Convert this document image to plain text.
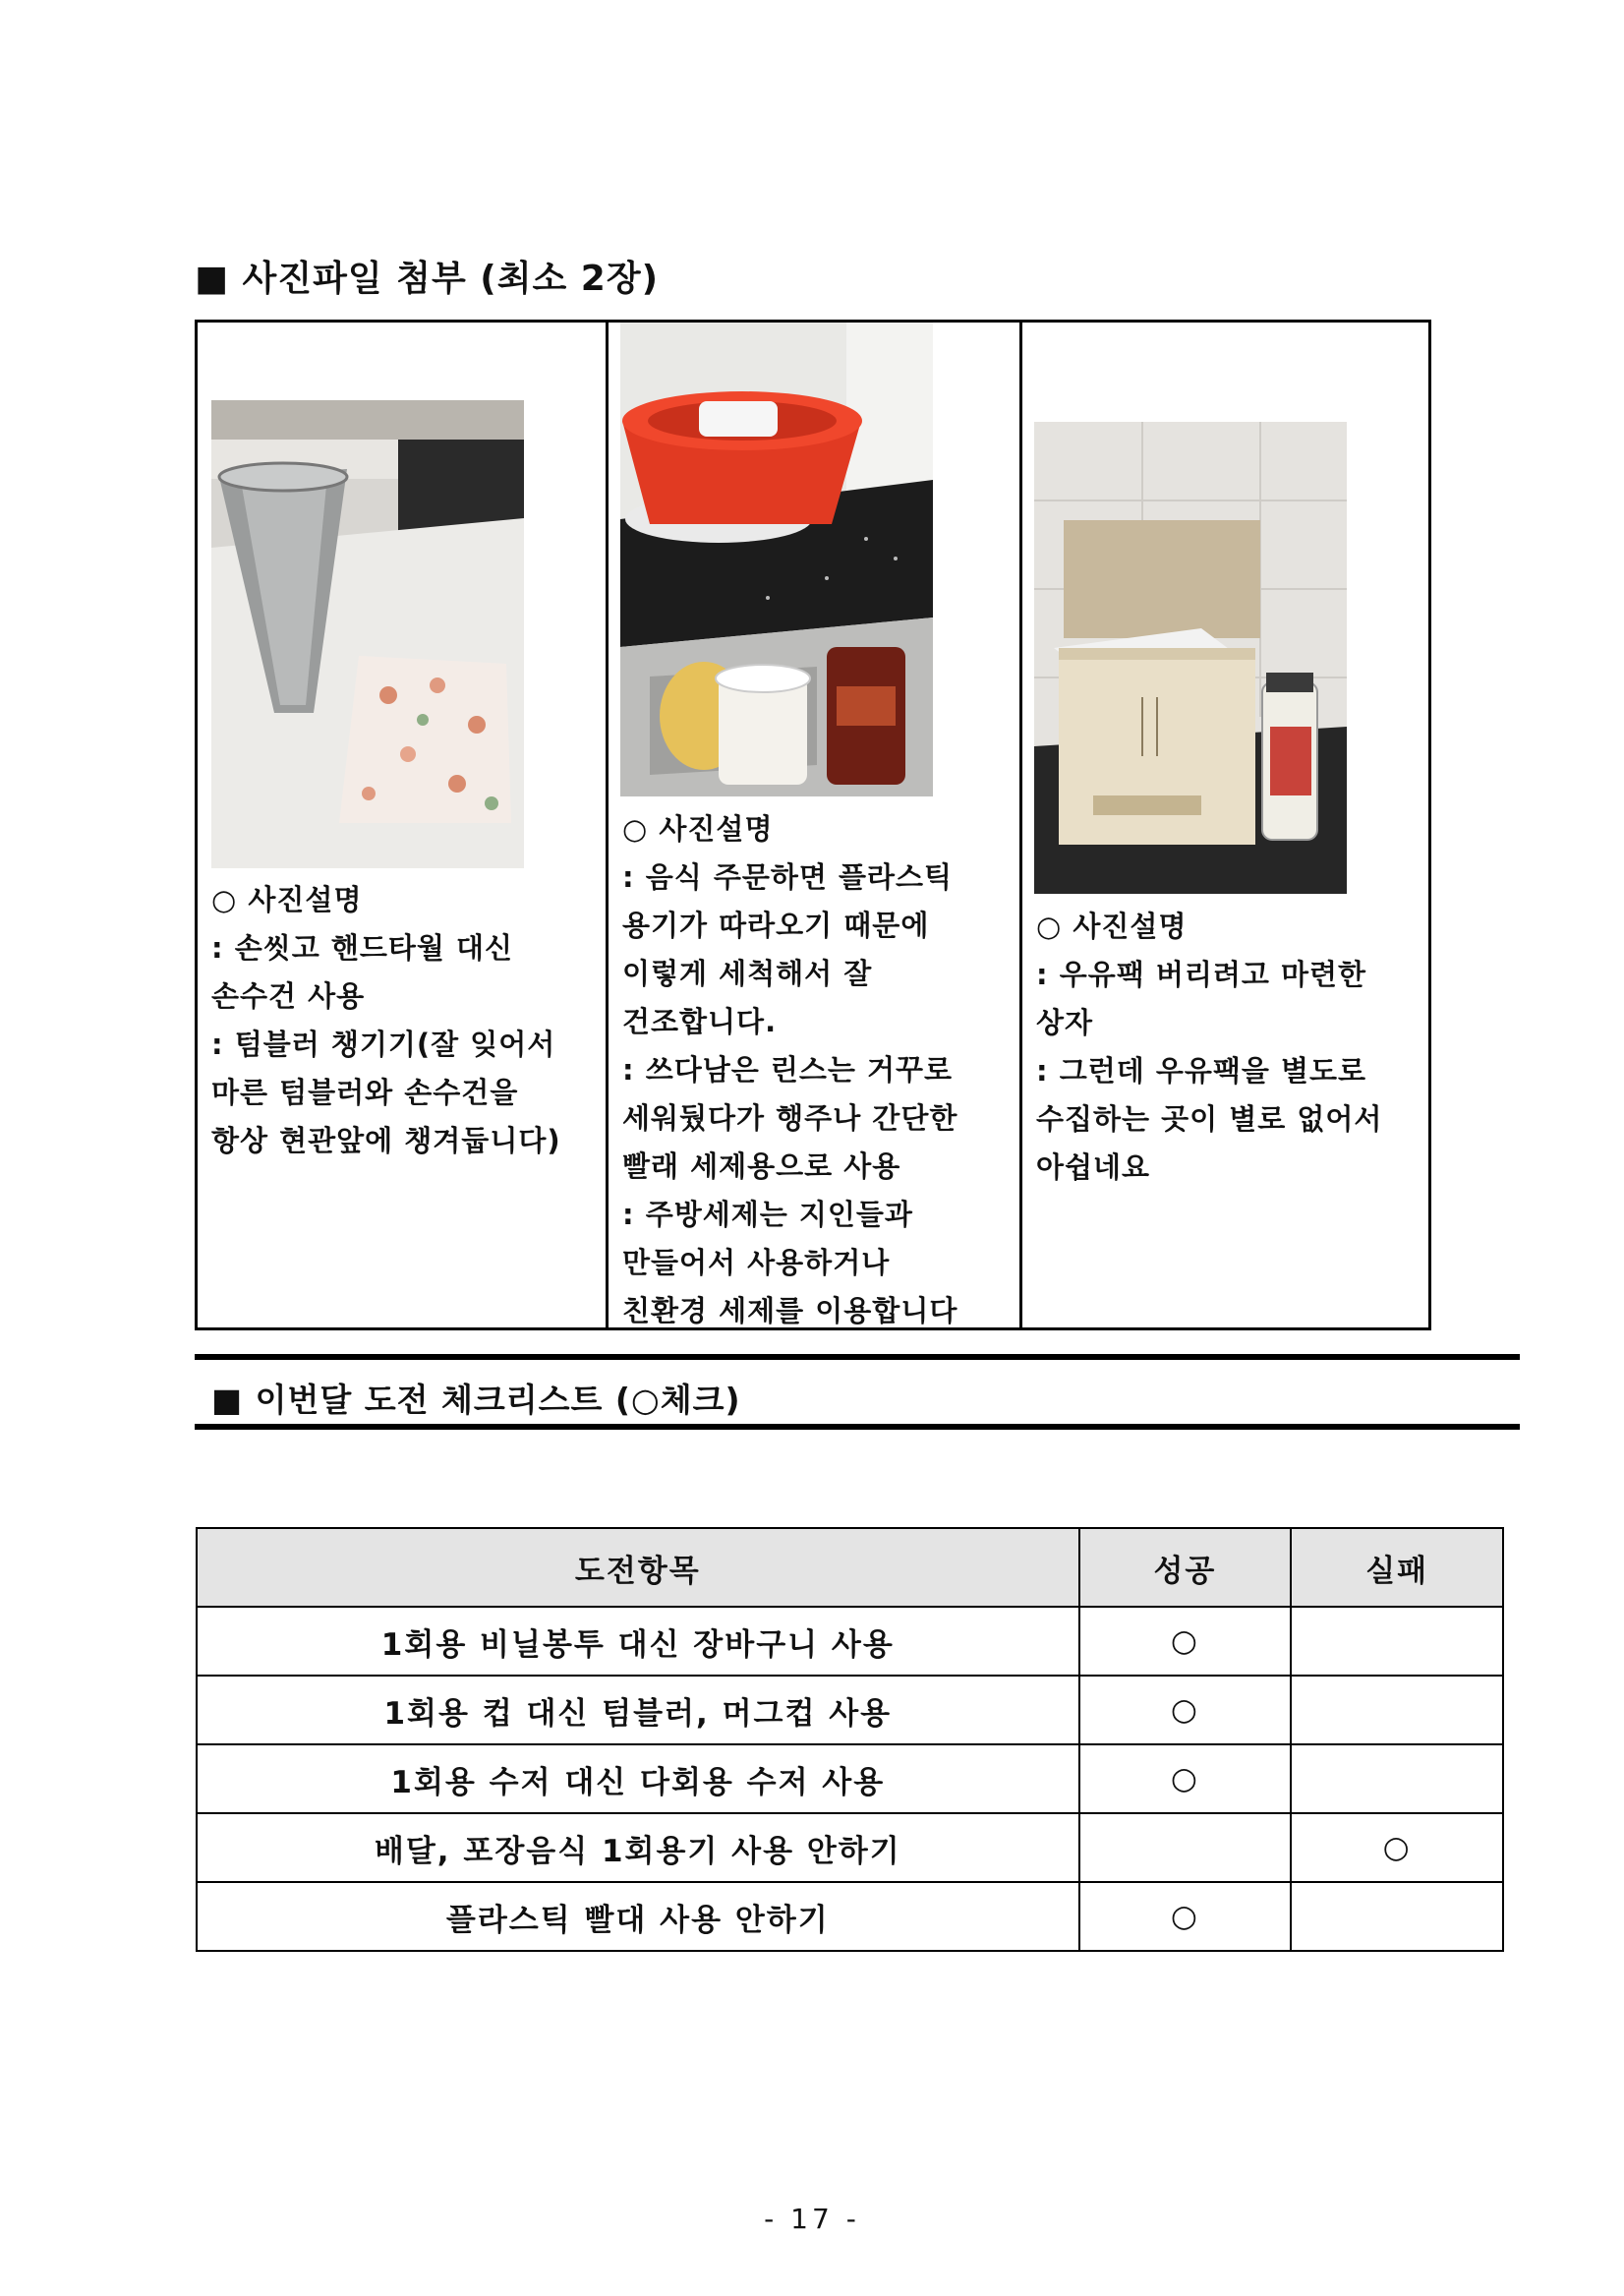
■ 사진파일 첨부 (최소 2장)
○ 사진설명
: 손씻고 핸드타월 대신
손수건 사용
: 텀블러 챙기기(잘 잊어서
마른 텀블러와 손수건을
항상 현관앞에 챙겨둡니다)
○ 사진설명
: 음식 주문하면 플라스틱
용기가 따라오기 때문에
이렇게 세척해서 잘
건조합니다.
: 쓰다남은 린스는 거꾸로
세워뒀다가 행주나 간단한
빨래 세제용으로 사용
: 주방세제는 지인들과
만들어서 사용하거나
친환경 세제를 이용합니다
○ 사진설명
: 우유팩 버리려고 마련한
상자
: 그런데 우유팩을 별도로
수집하는 곳이 별로 없어서
아쉽네요
■ 이번달 도전 체크리스트 (○체크)
도전항목	성공	실패
1회용 비닐봉투 대신 장바구니 사용	○	
1회용 컵 대신 텀블러, 머그컵 사용	○	
1회용 수저 대신 다회용 수저 사용	○	
배달, 포장음식 1회용기 사용 안하기		○
플라스틱 빨대 사용 안하기	○	
- 17 -
